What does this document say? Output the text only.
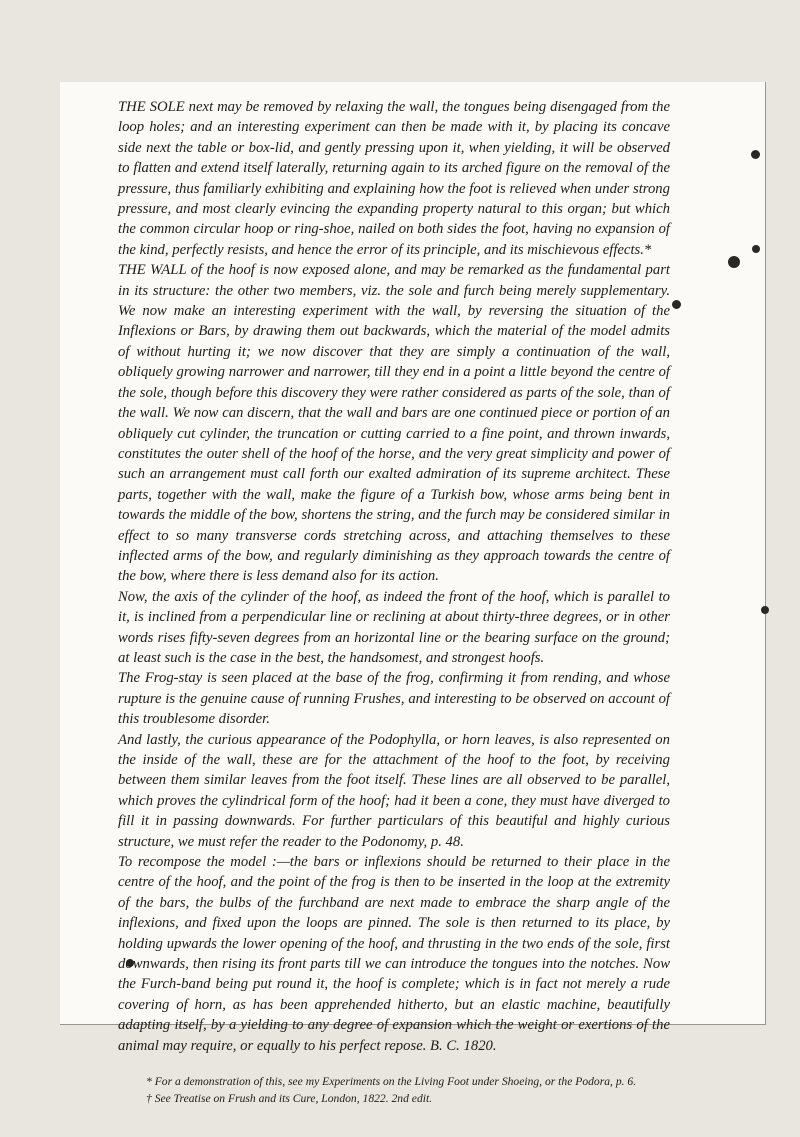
THE SOLE next may be removed by relaxing the wall, the tongues being disengaged from the loop holes; and an interesting experiment can then be made with it, by placing its concave side next the table or box-lid, and gently pressing upon it, when yielding, it will be observed to flatten and extend itself laterally, returning again to its arched figure on the removal of the pressure, thus familiarly exhibiting and explaining how the foot is relieved when under strong pressure, and most clearly evincing the expanding property natural to this organ; but which the common circular hoop or ring-shoe, nailed on both sides the foot, having no expansion of the kind, perfectly resists, and hence the error of its principle, and its mischievous effects.*

THE WALL of the hoof is now exposed alone, and may be remarked as the fundamental part in its structure: the other two members, viz. the sole and furch being merely supplementary. We now make an interesting experiment with the wall, by reversing the situation of the Inflexions or Bars, by drawing them out backwards, which the material of the model admits of without hurting it; we now discover that they are simply a continuation of the wall, obliquely growing narrower and narrower, till they end in a point a little beyond the centre of the sole, though before this discovery they were rather considered as parts of the sole, than of the wall. We now can discern, that the wall and bars are one continued piece or portion of an obliquely cut cylinder, the truncation or cutting carried to a fine point, and thrown inwards, constitutes the outer shell of the hoof of the horse, and the very great simplicity and power of such an arrangement must call forth our exalted admiration of its supreme architect. These parts, together with the wall, make the figure of a Turkish bow, whose arms being bent in towards the middle of the bow, shortens the string, and the furch may be considered similar in effect to so many transverse cords stretching across, and attaching themselves to these inflected arms of the bow, and regularly diminishing as they approach towards the centre of the bow, where there is less demand also for its action.

Now, the axis of the cylinder of the hoof, as indeed the front of the hoof, which is parallel to it, is inclined from a perpendicular line or reclining at about thirty-three degrees, or in other words rises fifty-seven degrees from an horizontal line or the bearing surface on the ground; at least such is the case in the best, the handsomest, and strongest hoofs.

The Frog-stay is seen placed at the base of the frog, confirming it from rending, and whose rupture is the genuine cause of running Frushes, and interesting to be observed on account of this troublesome disorder.

And lastly, the curious appearance of the Podophylla, or horn leaves, is also represented on the inside of the wall, these are for the attachment of the hoof to the foot, by receiving between them similar leaves from the foot itself. These lines are all observed to be parallel, which proves the cylindrical form of the hoof; had it been a cone, they must have diverged to fill it in passing downwards. For further particulars of this beautiful and highly curious structure, we must refer the reader to the Podonomy, p. 48.

To recompose the model :—the bars or inflexions should be returned to their place in the centre of the hoof, and the point of the frog is then to be inserted in the loop at the extremity of the bars, the bulbs of the furchband are next made to embrace the sharp angle of the inflexions, and fixed upon the loops are pinned. The sole is then returned to its place, by holding upwards the lower opening of the hoof, and thrusting in the two ends of the sole, first downwards, then rising its front parts till we can introduce the tongues into the notches. Now the Furch-band being put round it, the hoof is complete; which is in fact not merely a rude covering of horn, as has been apprehended hitherto, but an elastic machine, beautifully adapting itself, by a yielding to any degree of expansion which the weight or exertions of the animal may require, or equally to his perfect repose. B. C. 1820.

* For a demonstration of this, see my Experiments on the Living Foot under Shoeing, or the Podora, p. 6.

† See Treatise on Frush and its Cure, London, 1822. 2nd edit.
